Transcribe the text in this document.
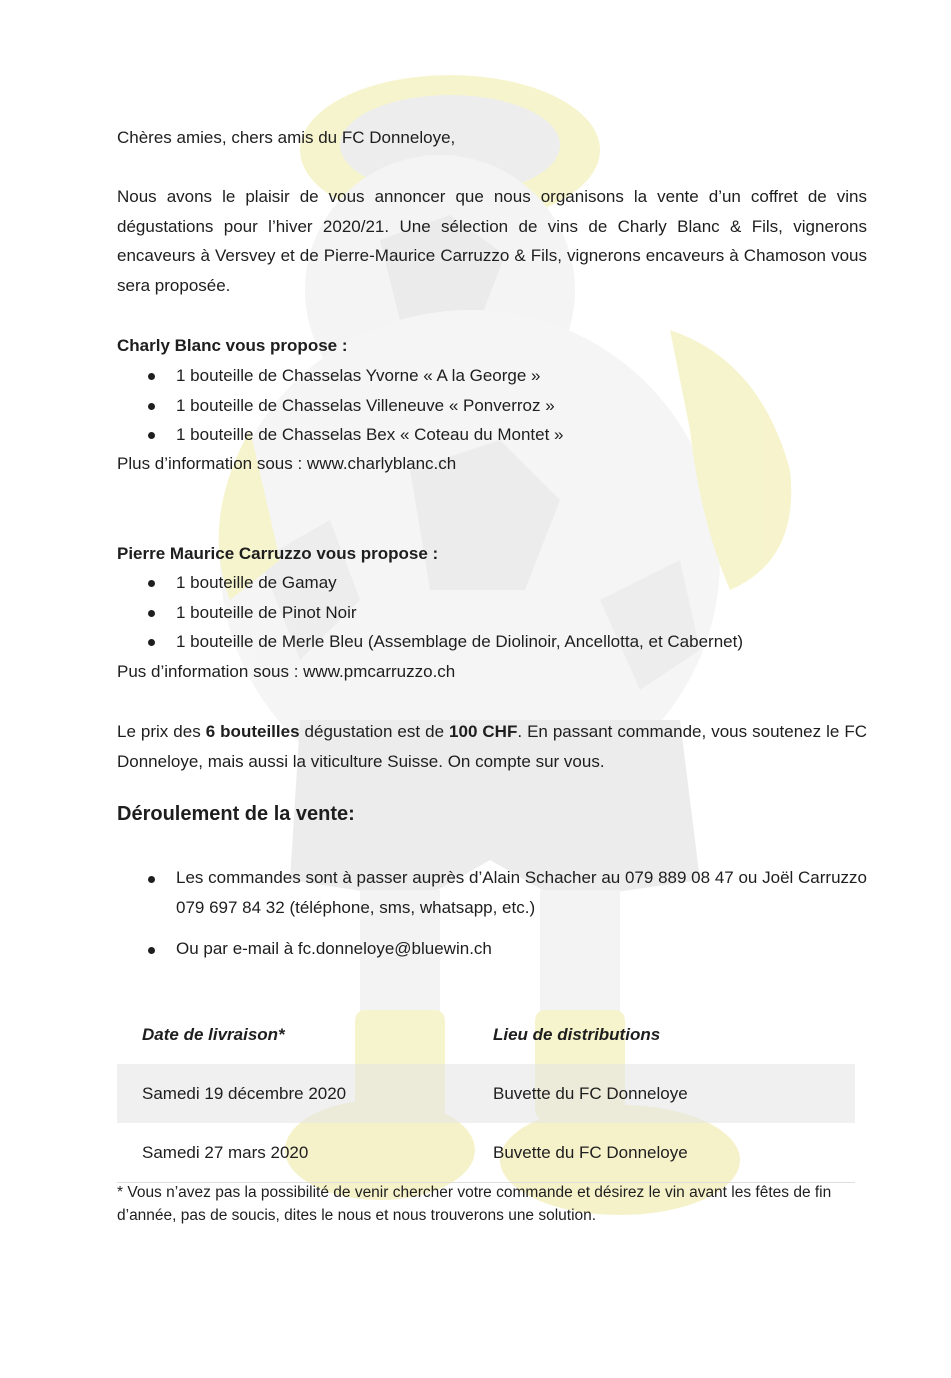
Chères amies, chers amis du FC Donneloye,

Nous avons le plaisir de vous annoncer que nous organisons la vente d’un coffret de vins dégustations pour l’hiver 2020/21. Une sélection de vins de Charly Blanc & Fils, vignerons encaveurs à Versvey et de Pierre-Maurice Carruzzo & Fils, vignerons encaveurs à Chamoson vous sera proposée.

Charly Blanc vous propose :

1 bouteille de Chasselas Yvorne « A la George »
1 bouteille de Chasselas Villeneuve « Ponverroz »
1 bouteille de Chasselas Bex « Coteau du Montet »

Plus d’information sous : www.charlyblanc.ch

Pierre Maurice Carruzzo vous propose :

1 bouteille de Gamay
1 bouteille de Pinot Noir
1 bouteille de Merle Bleu (Assemblage de Diolinoir, Ancellotta, et Cabernet)

Pus d’information sous : www.pmcarruzzo.ch

Le prix des 6 bouteilles dégustation est de 100 CHF. En passant commande, vous soutenez le FC Donneloye, mais aussi la viticulture Suisse. On compte sur vous.

Déroulement de la vente:
Les commandes sont à passer auprès d’Alain Schacher au 079 889 08 47 ou Joël Carruzzo 079 697 84 32 (téléphone, sms, whatsapp, etc.)
Ou par e-mail à fc.donneloye@bluewin.ch
Date de livraison*	Lieu de distributions
Samedi 19 décembre 2020	Buvette du FC Donneloye
Samedi 27 mars 2020	Buvette du FC Donneloye

* Vous n’avez pas la possibilité de venir chercher votre commande et désirez le vin avant les fêtes de fin d’année, pas de soucis, dites le nous et nous trouverons une solution.
